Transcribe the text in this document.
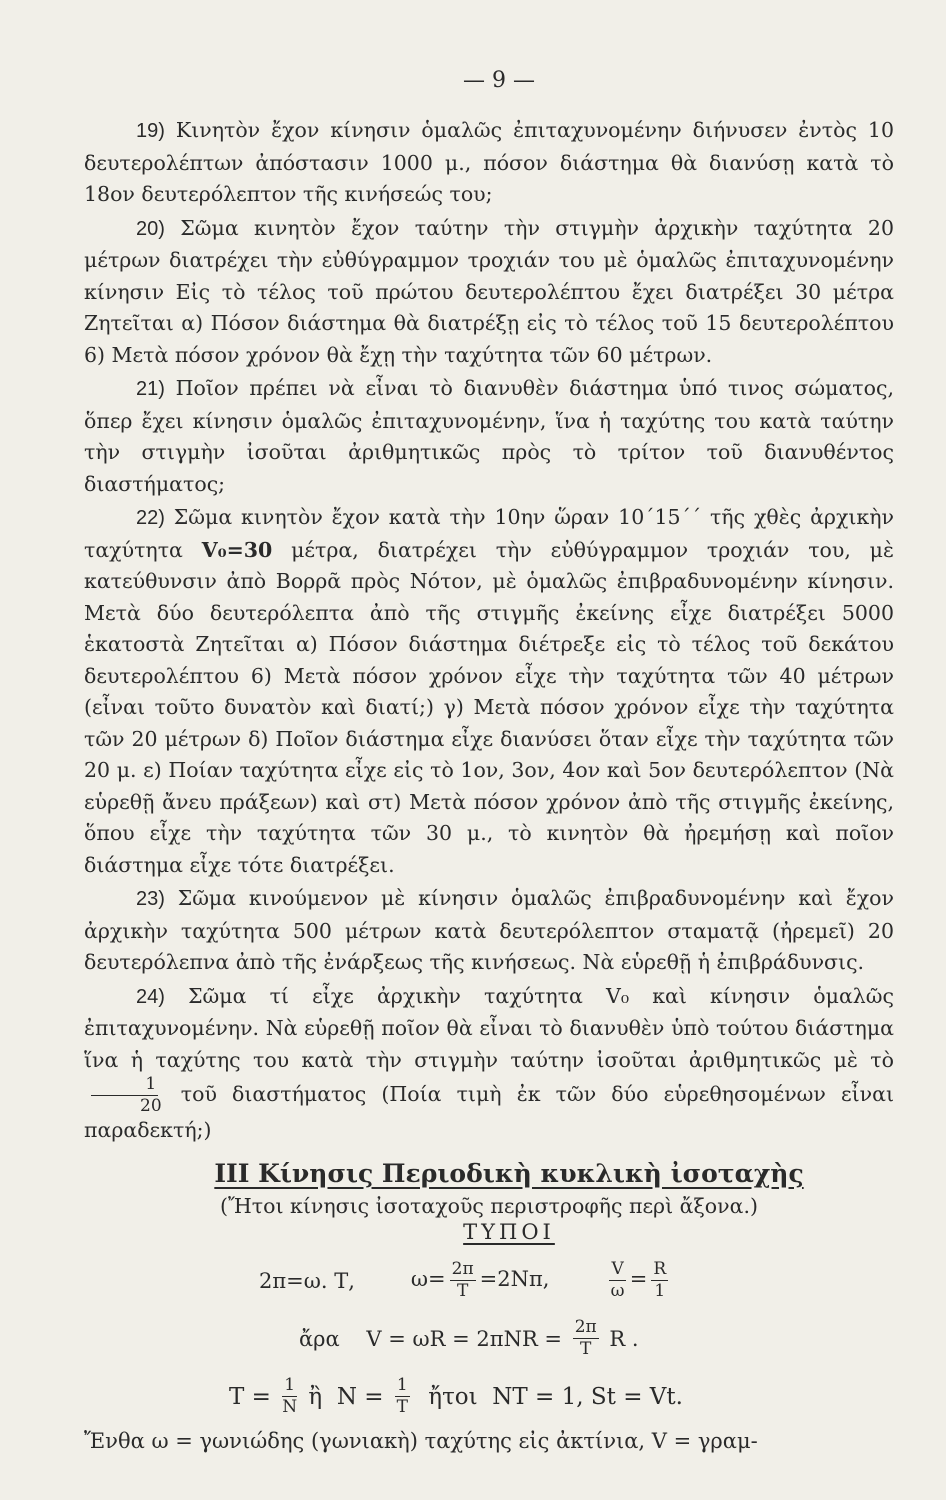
— 9 —

19) Κινητὸν ἔχον κίνησιν ὁμαλῶς ἐπιταχυνομένην διήνυσεν ἐντὸς 10 δευτερολέπτων ἀπόστασιν 1000 μ., πόσον διάστημα θὰ διανύσῃ κατὰ τὸ 18ον δευτερόλεπτον τῆς κινήσεώς του;

20) Σῶμα κινητὸν ἔχον ταύτην τὴν στιγμὴν ἀρχικὴν ταχύτητα 20 μέτρων διατρέχει τὴν εὐθύγραμμον τροχιάν του μὲ ὁμαλῶς ἐπιταχυνομένην κίνησιν Εἰς τὸ τέλος τοῦ πρώτου δευτερολέπτου ἔχει διατρέξει 30 μέτρα Ζητεῖται α) Πόσον διάστημα θὰ διατρέξῃ εἰς τὸ τέλος τοῦ 15 δευτερολέπτου 6) Μετὰ πόσον χρόνον θὰ ἔχῃ τὴν ταχύτητα τῶν 60 μέτρων.

21) Ποῖον πρέπει νὰ εἶναι τὸ διανυθὲν διάστημα ὑπό τινος σώματος, ὅπερ ἔχει κίνησιν ὁμαλῶς ἐπιταχυνομένην, ἵνα ἡ ταχύτης του κατὰ ταύτην τὴν στιγμὴν ἰσοῦται ἀριθμητικῶς πρὸς τὸ τρίτον τοῦ διανυθέντος διαστήματος;

22) Σῶμα κινητὸν ἔχον κατὰ τὴν 10ην ὥραν 10΄15΄΄ τῆς χθὲς ἀρχικὴν ταχύτητα V₀=30 μέτρα, διατρέχει τὴν εὐθύγραμμον τροχιάν του, μὲ κατεύθυνσιν ἀπὸ Βορρᾶ πρὸς Νότον, μὲ ὁμαλῶς ἐπιβραδυνομένην κίνησιν. Μετὰ δύο δευτερόλεπτα ἀπὸ τῆς στιγμῆς ἐκείνης εἶχε διατρέξει 5000 ἑκατοστὰ Ζητεῖται α) Πόσον διάστημα διέτρεξε εἰς τὸ τέλος τοῦ δεκάτου δευτερολέπτου 6) Μετὰ πόσον χρόνον εἶχε τὴν ταχύτητα τῶν 40 μέτρων (εἶναι τοῦτο δυνατὸν καὶ διατί;) γ) Μετὰ πόσον χρόνον εἶχε τὴν ταχύτητα τῶν 20 μέτρων δ) Ποῖον διάστημα εἶχε διανύσει ὅταν εἶχε τὴν ταχύτητα τῶν 20 μ. ε) Ποίαν ταχύτητα εἶχε εἰς τὸ 1ον, 3ον, 4ον καὶ 5ον δευτερόλεπτον (Νὰ εὑρεθῇ ἄνευ πράξεων) καὶ στ) Μετὰ πόσον χρόνον ἀπὸ τῆς στιγμῆς ἐκείνης, ὅπου εἶχε τὴν ταχύτητα τῶν 30 μ., τὸ κινητὸν θὰ ἠρεμήσῃ καὶ ποῖον διάστημα εἶχε τότε διατρέξει.

23) Σῶμα κινούμενον μὲ κίνησιν ὁμαλῶς ἐπιβραδυνομένην καὶ ἔχον ἀρχικὴν ταχύτητα 500 μέτρων κατὰ δευτερόλεπτον σταματᾷ (ἠρεμεῖ) 20 δευτερόλεπνα ἀπὸ τῆς ἐνάρξεως τῆς κινήσεως. Νὰ εὑρεθῇ ἡ ἐπιβράδυνσις.

24) Σῶμα τί εἶχε ἀρχικὴν ταχύτητα V₀ καὶ κίνησιν ὁμαλῶς ἐπιταχυνομένην. Νὰ εὑρεθῇ ποῖον θὰ εἶναι τὸ διανυθὲν ὑπὸ τούτου διάστημα ἵνα ἡ ταχύτης του κατὰ τὴν στιγμὴν ταύτην ἰσοῦται ἀριθμητικῶς μὲ τὸ
$\frac{1}{20}$ τοῦ διαστήματος (Ποία τιμὴ ἐκ τῶν δύο εὑρεθησομένων εἶναι παραδεκτή;)

III Κίνησις Περιοδικὴ κυκλικὴ ἰσοταχὴς
(Ἤτοι κίνησις ἰσοταχοῦς περιστροφῆς περὶ ἄξονα.)
ΤΥΠΟΙ
2π=ω. Τ,	$\omega= \frac{2\pi}{T} =2N\pi$,	$\frac{V}{\omega} = \frac{R}{1}$
ἄρα    $V = \omega R = 2\pi NR = \frac{2\pi}{T}$ R .
$T = \frac{1}{N}$ ἢ  $N = \frac{1}{T}$ ἤτοι  ΝΤ = 1, St = Vt.
Ἔνθα ω = γωνιώδης (γωνιακὴ) ταχύτης εἰς ἀκτίνια, V = γραμ-
